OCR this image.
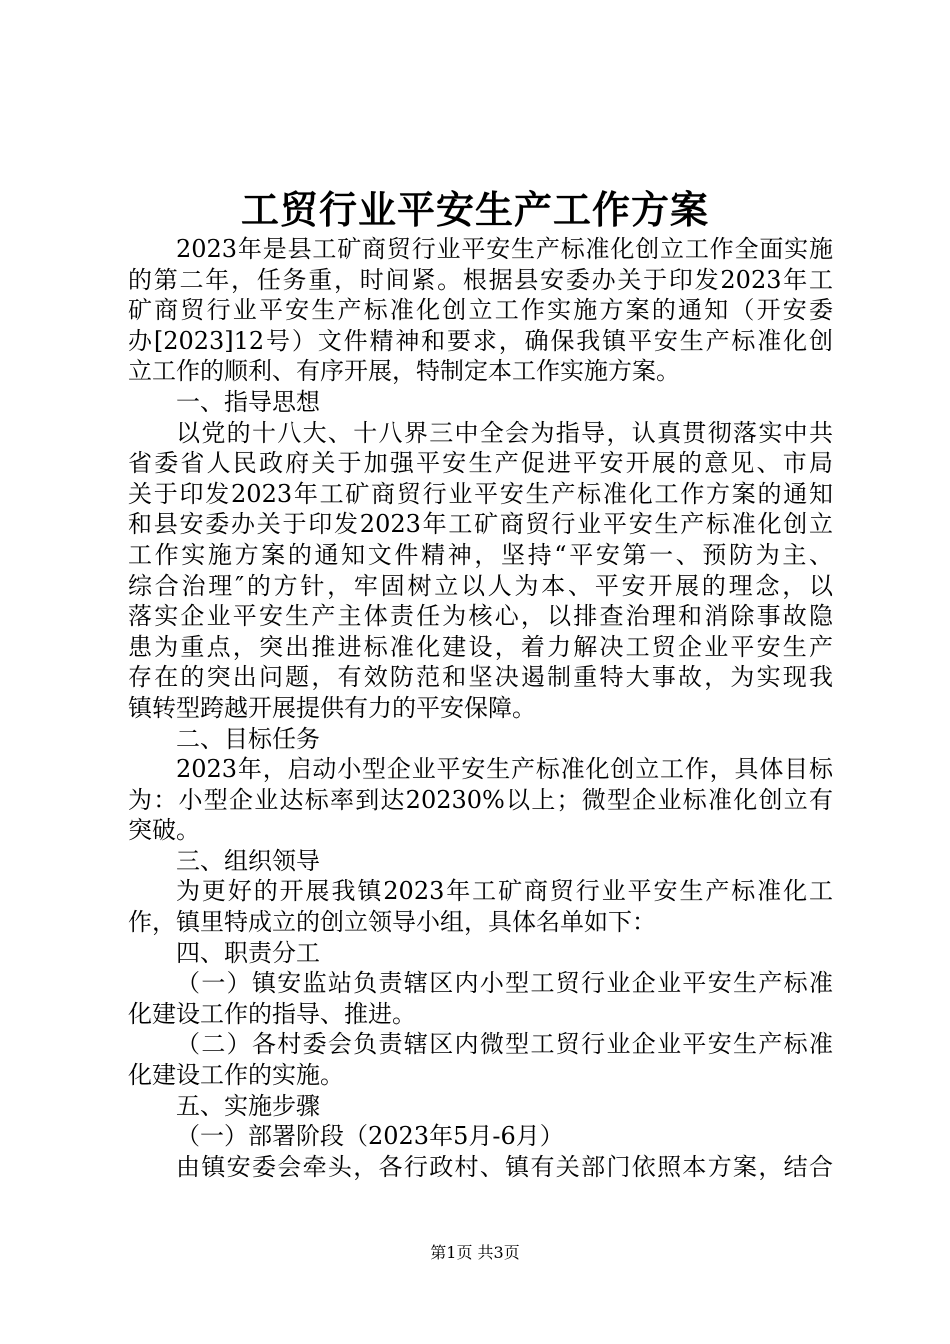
工贸行业平安生产工作方案
2023年是县工矿商贸行业平安生产标准化创立工作全面实施
的第二年，任务重，时间紧。根据县安委办关于印发2023年工
矿商贸行业平安生产标准化创立工作实施方案的通知（开安委
办[2023]12号）文件精神和要求，确保我镇平安生产标准化创
立工作的顺利、有序开展，特制定本工作实施方案。
一、指导思想
以党的十八大、十八界三中全会为指导，认真贯彻落实中共
省委省人民政府关于加强平安生产促进平安开展的意见、市局
关于印发2023年工矿商贸行业平安生产标准化工作方案的通知
和县安委办关于印发2023年工矿商贸行业平安生产标准化创立
工作实施方案的通知文件精神，坚持“平安第一、预防为主、
综合治理″的方针，牢固树立以人为本、平安开展的理念，以
落实企业平安生产主体责任为核心，以排查治理和消除事故隐
患为重点，突出推进标准化建设，着力解决工贸企业平安生产
存在的突出问题，有效防范和坚决遏制重特大事故，为实现我
镇转型跨越开展提供有力的平安保障。
二、目标任务
2023年，启动小型企业平安生产标准化创立工作，具体目标
为：小型企业达标率到达20230%以上；微型企业标准化创立有
突破。
三、组织领导
为更好的开展我镇2023年工矿商贸行业平安生产标准化工
作，镇里特成立的创立领导小组，具体名单如下：
四、职责分工
（一）镇安监站负责辖区内小型工贸行业企业平安生产标准
化建设工作的指导、推进。
（二）各村委会负责辖区内微型工贸行业企业平安生产标准
化建设工作的实施。
五、实施步骤
（一）部署阶段（2023年5月-6月）
由镇安委会牵头，各行政村、镇有关部门依照本方案，结合
第1页 共3页
